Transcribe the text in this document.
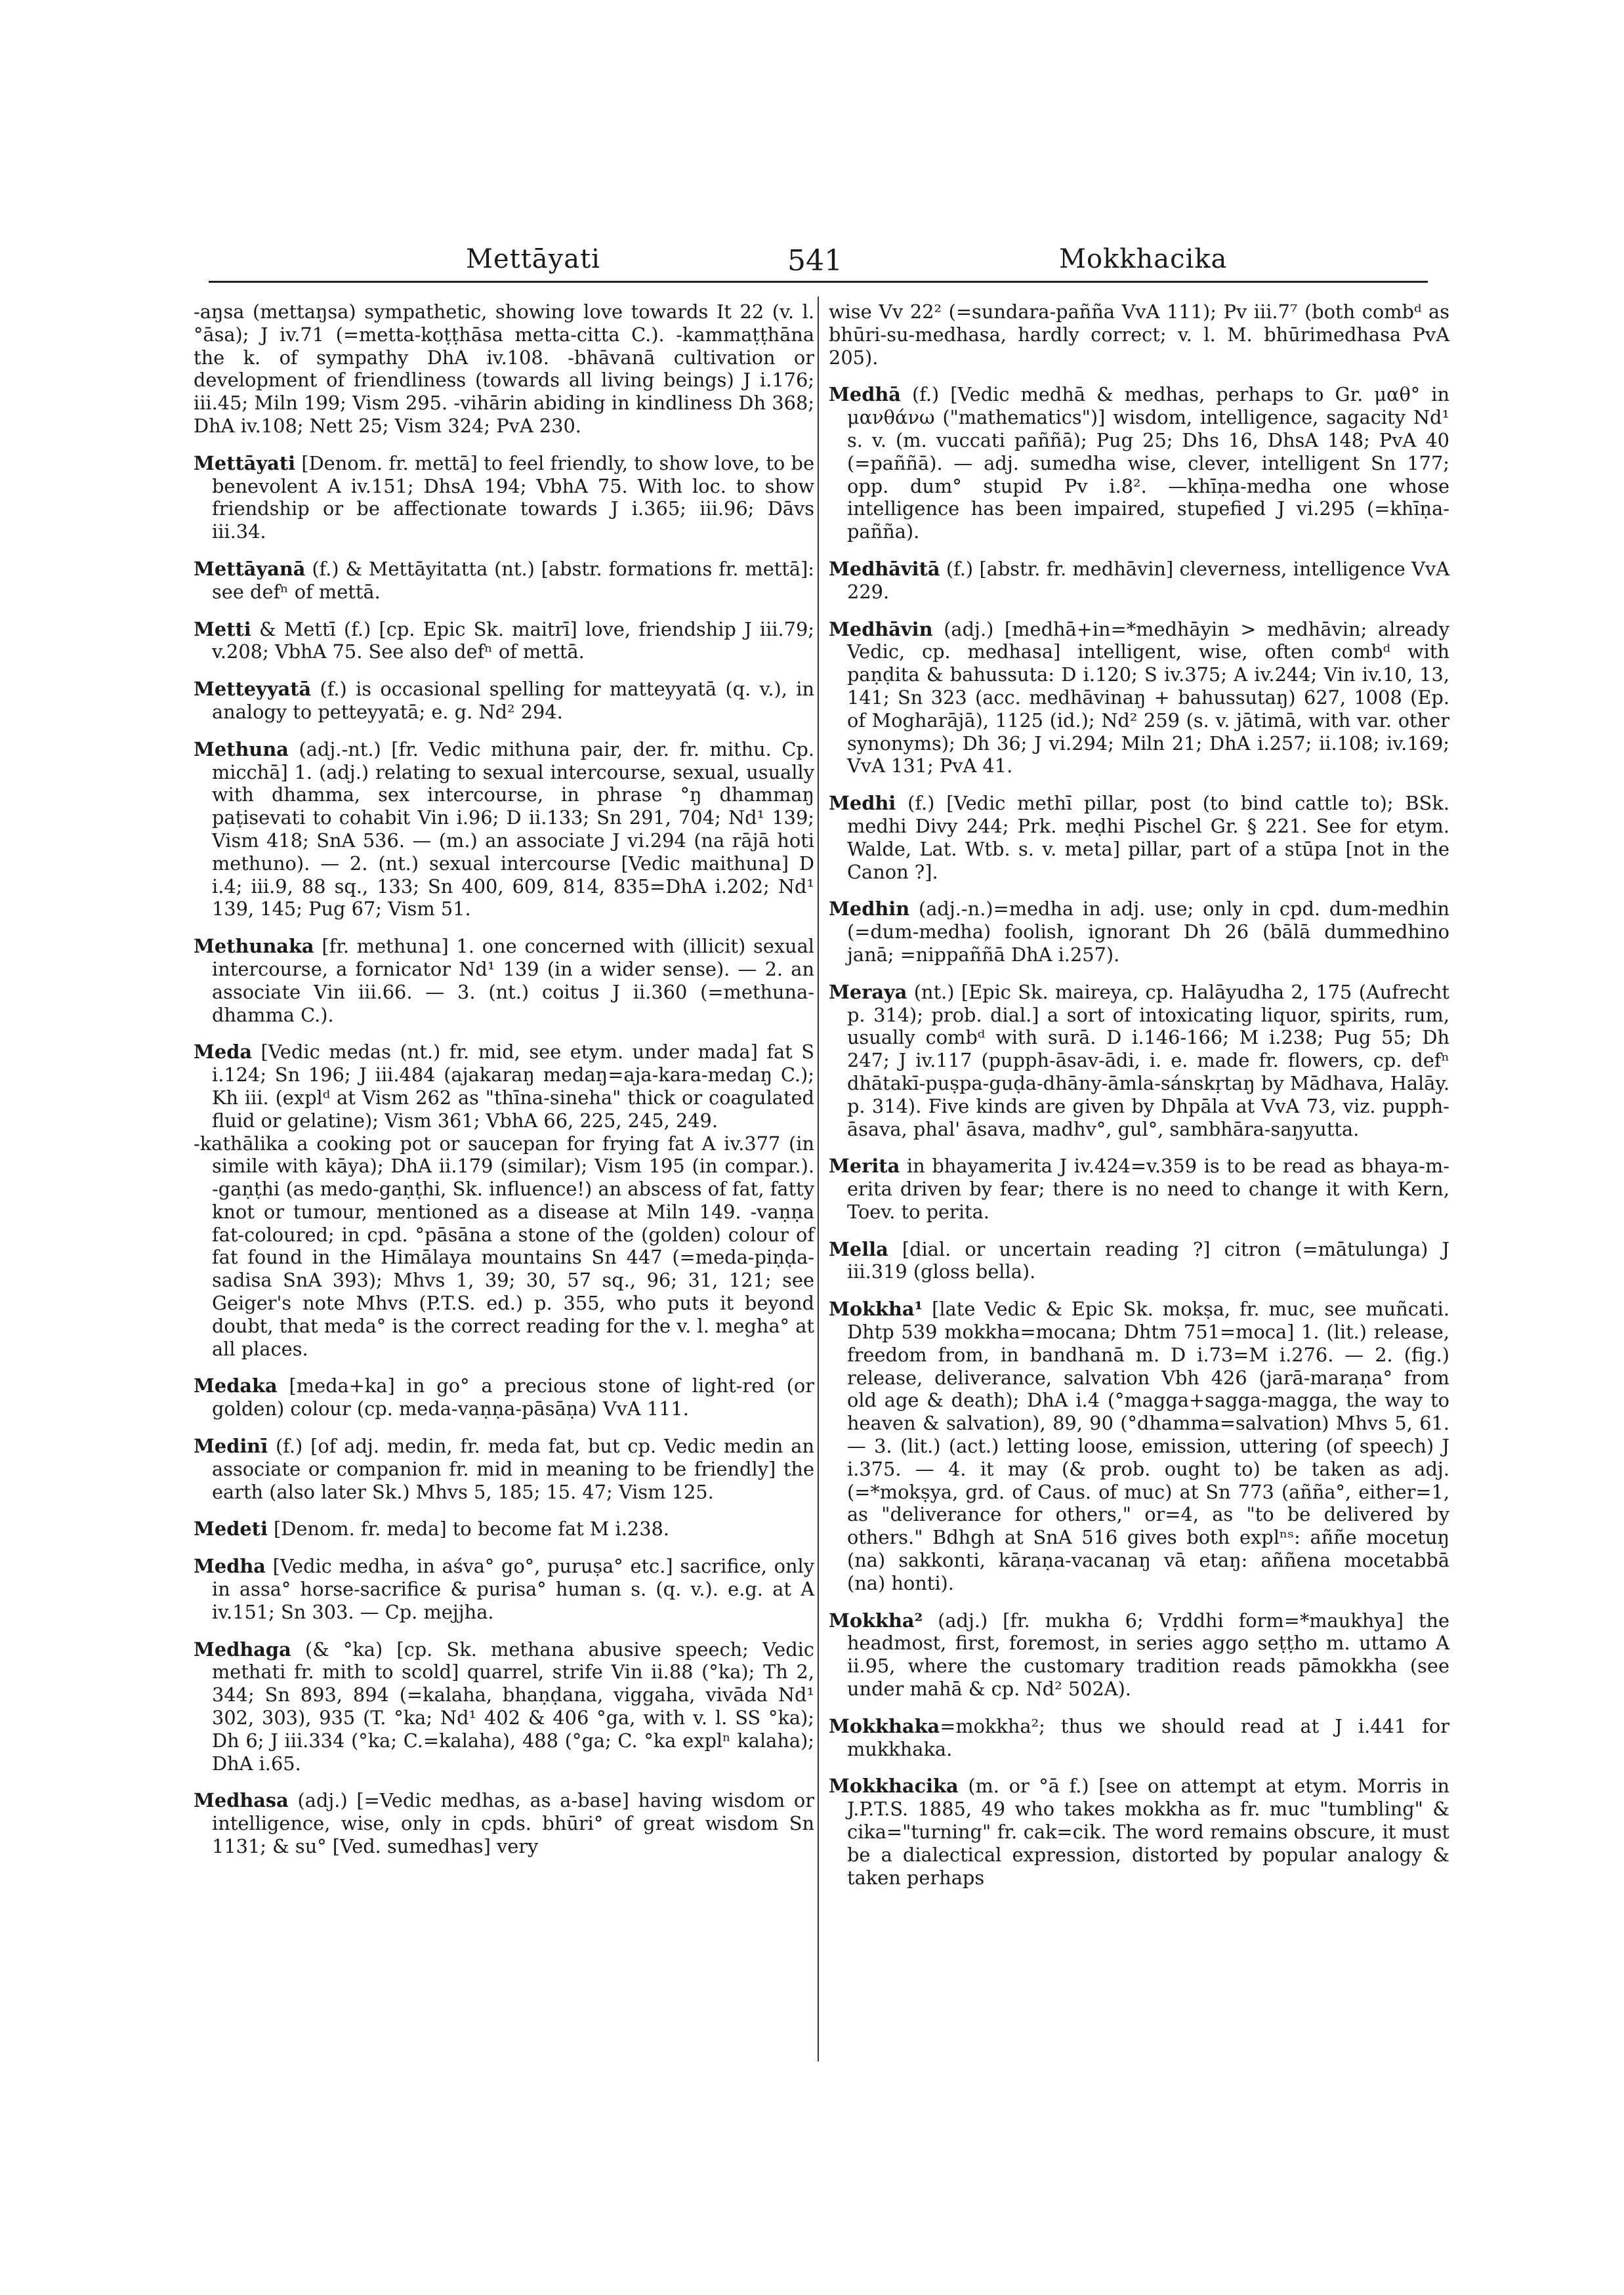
Mettāyati	541	Mokkhacika

-aŋsa (mettaŋsa) sympathetic, showing love towards It 22 (v. l. °āsa); J iv.71 (=metta-koṭṭhāsa metta-citta C.). -kammaṭṭhāna the k. of sympathy DhA iv.108. -bhāvanā cultivation or development of friendliness (towards all living beings) J i.176; iii.45; Miln 199; Vism 295. -vihārin abiding in kindliness Dh 368; DhA iv.108; Nett 25; Vism 324; PvA 230.

Mettāyati [Denom. fr. mettā] to feel friendly, to show love, to be benevolent A iv.151; DhsA 194; VbhA 75. With loc. to show friendship or be affectionate towards J i.365; iii.96; Dāvs iii.34.

Mettāyanā (f.) & Mettāyitatta (nt.) [abstr. formations fr. mettā]: see defⁿ of mettā.

Metti & Mettī (f.) [cp. Epic Sk. maitrī] love, friendship J iii.79; v.208; VbhA 75. See also defⁿ of mettā.

Metteyyatā (f.) is occasional spelling for matteyyatā (q. v.), in analogy to petteyyatā; e. g. Nd² 294.

Methuna (adj.-nt.) [fr. Vedic mithuna pair, der. fr. mithu. Cp. micchā] 1. (adj.) relating to sexual intercourse, sexual, usually with dhamma, sex intercourse, in phrase °ŋ dhammaŋ paṭisevati to cohabit Vin i.96; D ii.133; Sn 291, 704; Nd¹ 139; Vism 418; SnA 536. — (m.) an associate J vi.294 (na rājā hoti methuno). — 2. (nt.) sexual intercourse [Vedic maithuna] D i.4; iii.9, 88 sq., 133; Sn 400, 609, 814, 835=DhA i.202; Nd¹ 139, 145; Pug 67; Vism 51.

Methunaka [fr. methuna] 1. one concerned with (illicit) sexual intercourse, a fornicator Nd¹ 139 (in a wider sense). — 2. an associate Vin iii.66. — 3. (nt.) coitus J ii.360 (=methuna-dhamma C.).

Meda [Vedic medas (nt.) fr. mid, see etym. under mada] fat S i.124; Sn 196; J iii.484 (ajakaraŋ medaŋ=aja-kara-medaŋ C.); Kh iii. (explᵈ at Vism 262 as "thīna-sineha" thick or coagulated fluid or gelatine); Vism 361; VbhA 66, 225, 245, 249.
-kathālika a cooking pot or saucepan for frying fat A iv.377 (in simile with kāya); DhA ii.179 (similar); Vism 195 (in compar.). -gaṇṭhi (as medo-gaṇṭhi, Sk. influence!) an abscess of fat, fatty knot or tumour, mentioned as a disease at Miln 149. -vaṇṇa fat-coloured; in cpd. °pāsāna a stone of the (golden) colour of fat found in the Himālaya mountains Sn 447 (=meda-piṇḍa-sadisa SnA 393); Mhvs 1, 39; 30, 57 sq., 96; 31, 121; see Geiger's note Mhvs (P.T.S. ed.) p. 355, who puts it beyond doubt, that meda° is the correct reading for the v. l. megha° at all places.

Medaka [meda+ka] in go° a precious stone of light-red (or golden) colour (cp. meda-vaṇṇa-pāsāṇa) VvA 111.

Medinī (f.) [of adj. medin, fr. meda fat, but cp. Vedic medin an associate or companion fr. mid in meaning to be friendly] the earth (also later Sk.) Mhvs 5, 185; 15. 47; Vism 125.

Medeti [Denom. fr. meda] to become fat M i.238.

Medha [Vedic medha, in aśva° go°, puruṣa° etc.] sacrifice, only in assa° horse-sacrifice & purisa° human s. (q. v.). e.g. at A iv.151; Sn 303. — Cp. mejjha.

Medhaga (& °ka) [cp. Sk. methana abusive speech; Vedic methati fr. mith to scold] quarrel, strife Vin ii.88 (°ka); Th 2, 344; Sn 893, 894 (=kalaha, bhaṇḍana, viggaha, vivāda Nd¹ 302, 303), 935 (T. °ka; Nd¹ 402 & 406 °ga, with v. l. SS °ka); Dh 6; J iii.334 (°ka; C.=kalaha), 488 (°ga; C. °ka explⁿ kalaha); DhA i.65.

Medhasa (adj.) [=Vedic medhas, as a-base] having wisdom or intelligence, wise, only in cpds. bhūri° of great wisdom Sn 1131; & su° [Ved. sumedhas] very

wise Vv 22² (=sundara-pañña VvA 111); Pv iii.7⁷ (both combᵈ as bhūri-su-medhasa, hardly correct; v. l. M. bhūrimedhasa PvA 205).

Medhā (f.) [Vedic medhā & medhas, perhaps to Gr. μαθ° in μανθάνω ("mathematics")] wisdom, intelligence, sagacity Nd¹ s. v. (m. vuccati paññā); Pug 25; Dhs 16, DhsA 148; PvA 40 (=paññā). — adj. sumedha wise, clever, intelligent Sn 177; opp. dum° stupid Pv i.8². —khīṇa-medha one whose intelligence has been impaired, stupefied J vi.295 (=khīṇa-pañña).

Medhāvitā (f.) [abstr. fr. medhāvin] cleverness, intelligence VvA 229.

Medhāvin (adj.) [medhā+in=*medhāyin > medhāvin; already Vedic, cp. medhasa] intelligent, wise, often combᵈ with paṇḍita & bahussuta: D i.120; S iv.375; A iv.244; Vin iv.10, 13, 141; Sn 323 (acc. medhāvinaŋ + bahussutaŋ) 627, 1008 (Ep. of Mogharājā), 1125 (id.); Nd² 259 (s. v. jātimā, with var. other synonyms); Dh 36; J vi.294; Miln 21; DhA i.257; ii.108; iv.169; VvA 131; PvA 41.

Medhi (f.) [Vedic methī pillar, post (to bind cattle to); BSk. medhi Divy 244; Prk. meḍhi Pischel Gr. § 221. See for etym. Walde, Lat. Wtb. s. v. meta] pillar, part of a stūpa [not in the Canon ?].

Medhin (adj.-n.)=medha in adj. use; only in cpd. dum-medhin (=dum-medha) foolish, ignorant Dh 26 (bālā dummedhino janā; =nippaññā DhA i.257).

Meraya (nt.) [Epic Sk. maireya, cp. Halāyudha 2, 175 (Aufrecht p. 314); prob. dial.] a sort of intoxicating liquor, spirits, rum, usually combᵈ with surā. D i.146-166; M i.238; Pug 55; Dh 247; J iv.117 (pupph-āsav-ādi, i. e. made fr. flowers, cp. defⁿ dhātakī-puṣpa-guḍa-dhāny-āmla-sánskṛtaŋ by Mādhava, Halāy. p. 314). Five kinds are given by Dhpāla at VvA 73, viz. pupph-āsava, phal' āsava, madhv°, gul°, sambhāra-saŋyutta.

Merita in bhayamerita J iv.424=v.359 is to be read as bhaya-m-erita driven by fear; there is no need to change it with Kern, Toev. to perita.

Mella [dial. or uncertain reading ?] citron (=mātulunga) J iii.319 (gloss bella).

Mokkha¹ [late Vedic & Epic Sk. mokṣa, fr. muc, see muñcati. Dhtp 539 mokkha=mocana; Dhtm 751=moca] 1. (lit.) release, freedom from, in bandhanā m. D i.73=M i.276. — 2. (fig.) release, deliverance, salvation Vbh 426 (jarā-maraṇa° from old age & death); DhA i.4 (°magga+sagga-magga, the way to heaven & salvation), 89, 90 (°dhamma=salvation) Mhvs 5, 61. — 3. (lit.) (act.) letting loose, emission, uttering (of speech) J i.375. — 4. it may (& prob. ought to) be taken as adj. (=*mokṣya, grd. of Caus. of muc) at Sn 773 (añña°, either=1, as "deliverance for others," or=4, as "to be delivered by others." Bdhgh at SnA 516 gives both explⁿˢ: aññe mocetuŋ (na) sakkonti, kāraṇa-vacanaŋ vā etaŋ: aññena mocetabbā (na) honti).

Mokkha² (adj.) [fr. mukha 6; Vṛddhi form=*maukhya] the headmost, first, foremost, in series aggo seṭṭho m. uttamo A ii.95, where the customary tradition reads pāmokkha (see under mahā & cp. Nd² 502A).

Mokkhaka=mokkha²; thus we should read at J i.441 for mukkhaka.

Mokkhacika (m. or °ā f.) [see on attempt at etym. Morris in J.P.T.S. 1885, 49 who takes mokkha as fr. muc "tumbling" & cika="turning" fr. cak=cik. The word remains obscure, it must be a dialectical expression, distorted by popular analogy & taken perhaps
